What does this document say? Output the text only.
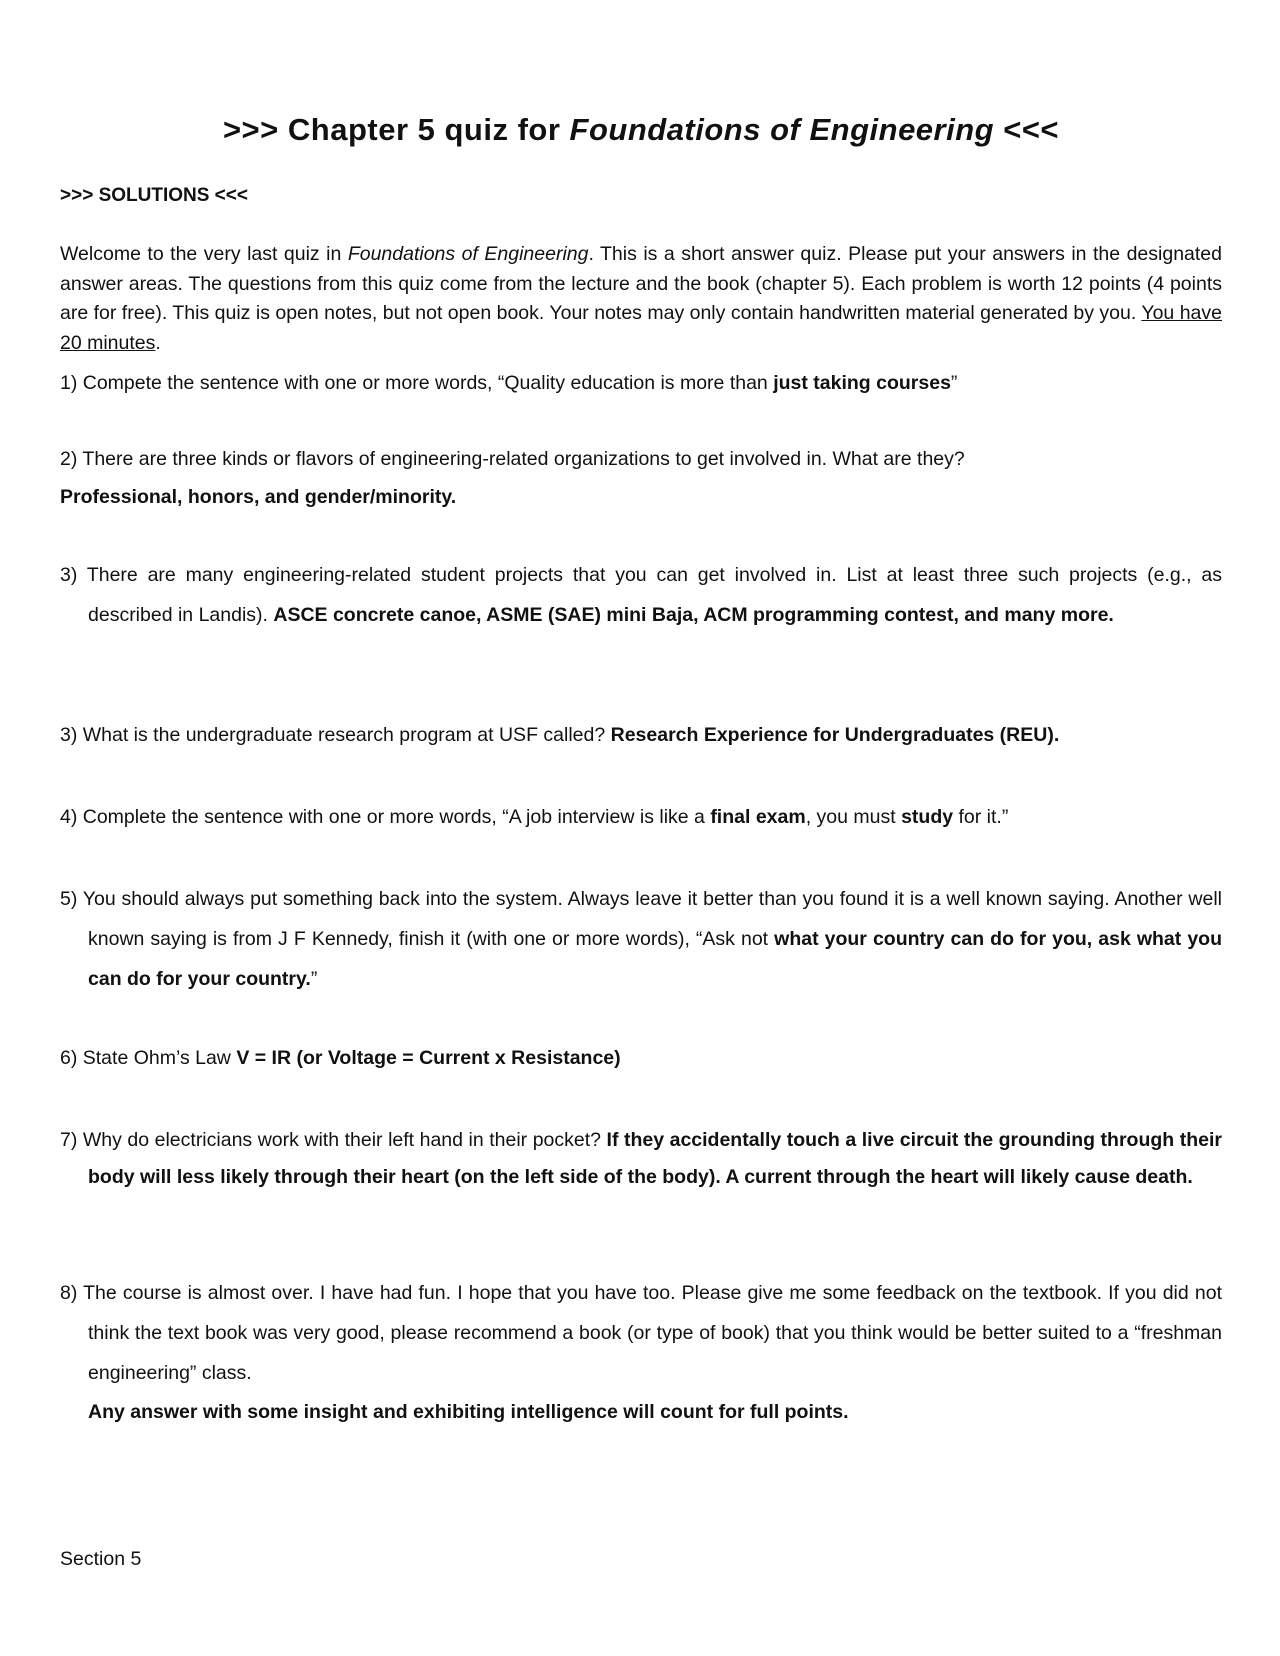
>>> Chapter 5 quiz for Foundations of Engineering <<<
>>> SOLUTIONS <<<
Welcome to the very last quiz in Foundations of Engineering. This is a short answer quiz. Please put your answers in the designated answer areas. The questions from this quiz come from the lecture and the book (chapter 5). Each problem is worth 12 points (4 points are for free). This quiz is open notes, but not open book. Your notes may only contain handwritten material generated by you. You have 20 minutes.
1) Compete the sentence with one or more words, “Quality education is more than just taking courses”
2) There are three kinds or flavors of engineering-related organizations to get involved in. What are they?
Professional, honors, and gender/minority.
3) There are many engineering-related student projects that you can get involved in. List at least three such projects (e.g., as described in Landis). ASCE concrete canoe, ASME (SAE) mini Baja, ACM programming contest, and many more.
3) What is the undergraduate research program at USF called? Research Experience for Undergraduates (REU).
4) Complete the sentence with one or more words, “A job interview is like a final exam, you must study for it.”
5) You should always put something back into the system. Always leave it better than you found it is a well known saying. Another well known saying is from J F Kennedy, finish it (with one or more words), “Ask not what your country can do for you, ask what you can do for your country.”
6) State Ohm’s Law V = IR (or Voltage = Current x Resistance)
7) Why do electricians work with their left hand in their pocket? If they accidentally touch a live circuit the grounding through their body will less likely through their heart (on the left side of the body). A current through the heart will likely cause death.
8) The course is almost over. I have had fun. I hope that you have too. Please give me some feedback on the textbook. If you did not think the text book was very good, please recommend a book (or type of book) that you think would be better suited to a “freshman engineering” class.
Any answer with some insight and exhibiting intelligence will count for full points.
Section 5
